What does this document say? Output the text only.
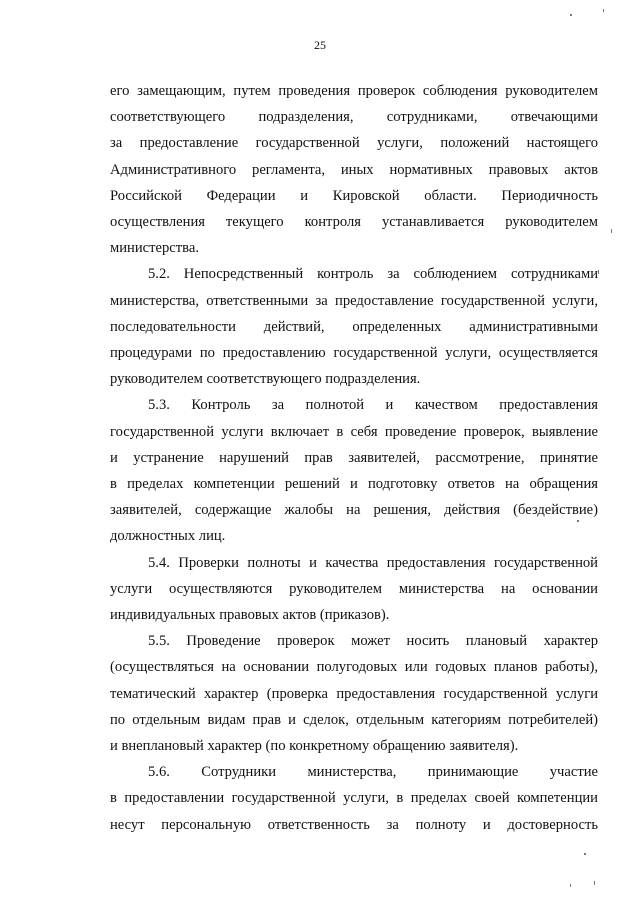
25

его замещающим, путем проведения проверок соблюдения руководителем
соответствующего подразделения, сотрудниками, отвечающими
за предоставление государственной услуги, положений настоящего
Административного регламента, иных нормативных правовых актов
Российской Федерации и Кировской области. Периодичность
осуществления текущего контроля устанавливается руководителем
министерства.

5.2. Непосредственный контроль за соблюдением сотрудниками
министерства, ответственными за предоставление государственной услуги,
последовательности действий, определенных административными
процедурами по предоставлению государственной услуги, осуществляется
руководителем соответствующего подразделения.

5.3. Контроль за полнотой и качеством предоставления
государственной услуги включает в себя проведение проверок, выявление
и устранение нарушений прав заявителей, рассмотрение, принятие
в пределах компетенции решений и подготовку ответов на обращения
заявителей, содержащие жалобы на решения, действия (бездействие)
должностных лиц.

5.4. Проверки полноты и качества предоставления государственной
услуги осуществляются руководителем министерства на основании
индивидуальных правовых актов (приказов).

5.5. Проведение проверок может носить плановый характер
(осуществляться на основании полугодовых или годовых планов работы),
тематический характер (проверка предоставления государственной услуги
по отдельным видам прав и сделок, отдельным категориям потребителей)
и внеплановый характер (по конкретному обращению заявителя).

5.6. Сотрудники министерства, принимающие участие
в предоставлении государственной услуги, в пределах своей компетенции
несут персональную ответственность за полноту и достоверность
